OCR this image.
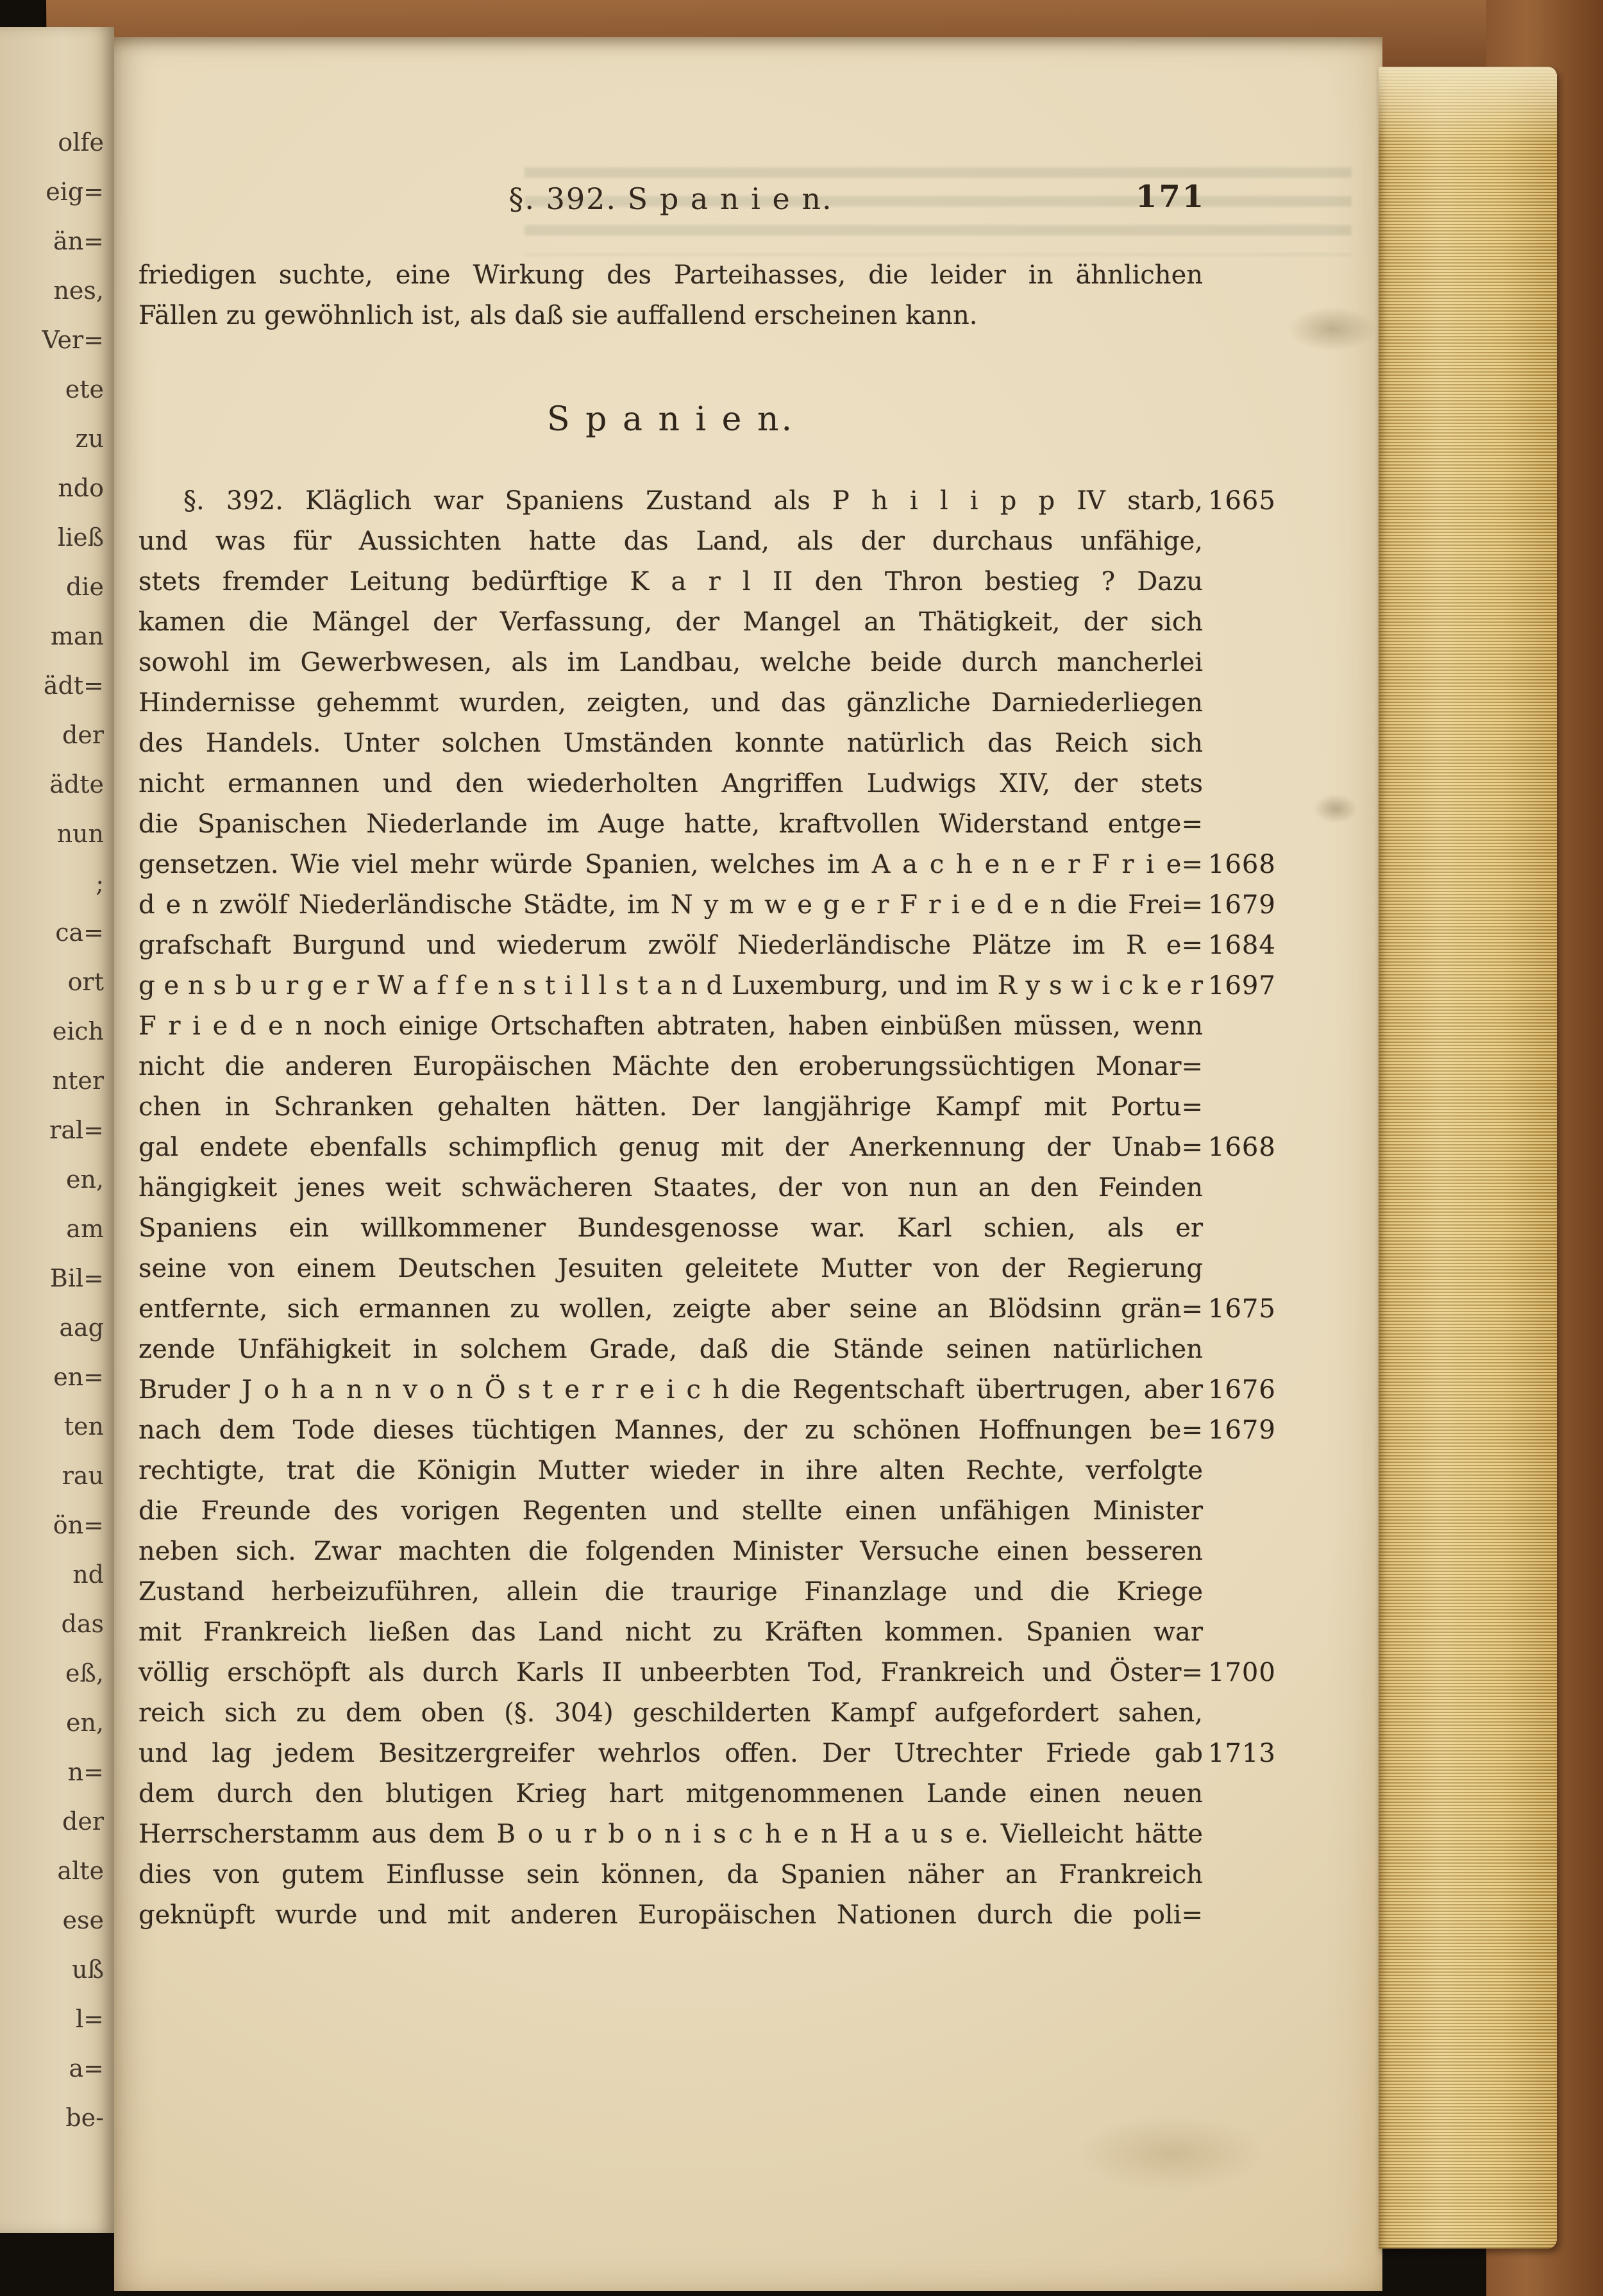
olfe
eig=
än=
nes,
Ver=
ete
zu
ndo
ließ
die
man
ädt=
der
ädte
nun
;
ca=
ort
eich
nter
ral=
en,
am
Bil=
aag
en=
ten
rau
ön=
nd
das
eß,
en,
n=
der
alte
ese
uß
l=
a=
be-
§. 392. S p a n i e n.	171
friedigen suchte, eine Wirkung des Parteihasses, die leider in ähnlichen
Fällen zu gewöhnlich ist, als daß sie auffallend erscheinen kann.
S p a n i e n.
§. 392. Kläglich war Spaniens Zustand als P h i l i p p IV starb, 1665
und was für Aussichten hatte das Land, als der durchaus unfähige,
stets fremder Leitung bedürftige K a r l II den Thron bestieg ? Dazu
kamen die Mängel der Verfassung, der Mangel an Thätigkeit, der sich
sowohl im Gewerbwesen, als im Landbau, welche beide durch mancherlei
Hindernisse gehemmt wurden, zeigten, und das gänzliche Darniederliegen
des Handels. Unter solchen Umständen konnte natürlich das Reich sich
nicht ermannen und den wiederholten Angriffen Ludwigs XIV, der stets
die Spanischen Niederlande im Auge hatte, kraftvollen Widerstand entge=
gensetzen. Wie viel mehr würde Spanien, welches im A a c h e n e r F r i e= 1668
d e n zwölf Niederländische Städte, im N y m w e g e r F r i e d e n die Frei= 1679
grafschaft Burgund und wiederum zwölf Niederländische Plätze im R e= 1684
g e n s b u r g e r W a f f e n s t i l l s t a n d Luxemburg, und im R y s w i c k e r 1697
F r i e d e n noch einige Ortschaften abtraten, haben einbüßen müssen, wenn
nicht die anderen Europäischen Mächte den eroberungssüchtigen Monar=
chen in Schranken gehalten hätten. Der langjährige Kampf mit Portu=
gal endete ebenfalls schimpflich genug mit der Anerkennung der Unab= 1668
hängigkeit jenes weit schwächeren Staates, der von nun an den Feinden
Spaniens ein willkommener Bundesgenosse war. Karl schien, als er
seine von einem Deutschen Jesuiten geleitete Mutter von der Regierung
entfernte, sich ermannen zu wollen, zeigte aber seine an Blödsinn grän= 1675
zende Unfähigkeit in solchem Grade, daß die Stände seinen natürlichen
Bruder J o h a n n v o n Ö s t e r r e i c h die Regentschaft übertrugen, aber 1676
nach dem Tode dieses tüchtigen Mannes, der zu schönen Hoffnungen be= 1679
rechtigte, trat die Königin Mutter wieder in ihre alten Rechte, verfolgte
die Freunde des vorigen Regenten und stellte einen unfähigen Minister
neben sich. Zwar machten die folgenden Minister Versuche einen besseren
Zustand herbeizuführen, allein die traurige Finanzlage und die Kriege
mit Frankreich ließen das Land nicht zu Kräften kommen. Spanien war
völlig erschöpft als durch Karls II unbeerbten Tod, Frankreich und Öster= 1700
reich sich zu dem oben (§. 304) geschilderten Kampf aufgefordert sahen,
und lag jedem Besitzergreifer wehrlos offen. Der Utrechter Friede gab 1713
dem durch den blutigen Krieg hart mitgenommenen Lande einen neuen
Herrscherstamm aus dem B o u r b o n i s c h e n H a u s e. Vielleicht hätte
dies von gutem Einflusse sein können, da Spanien näher an Frankreich
geknüpft wurde und mit anderen Europäischen Nationen durch die poli=
